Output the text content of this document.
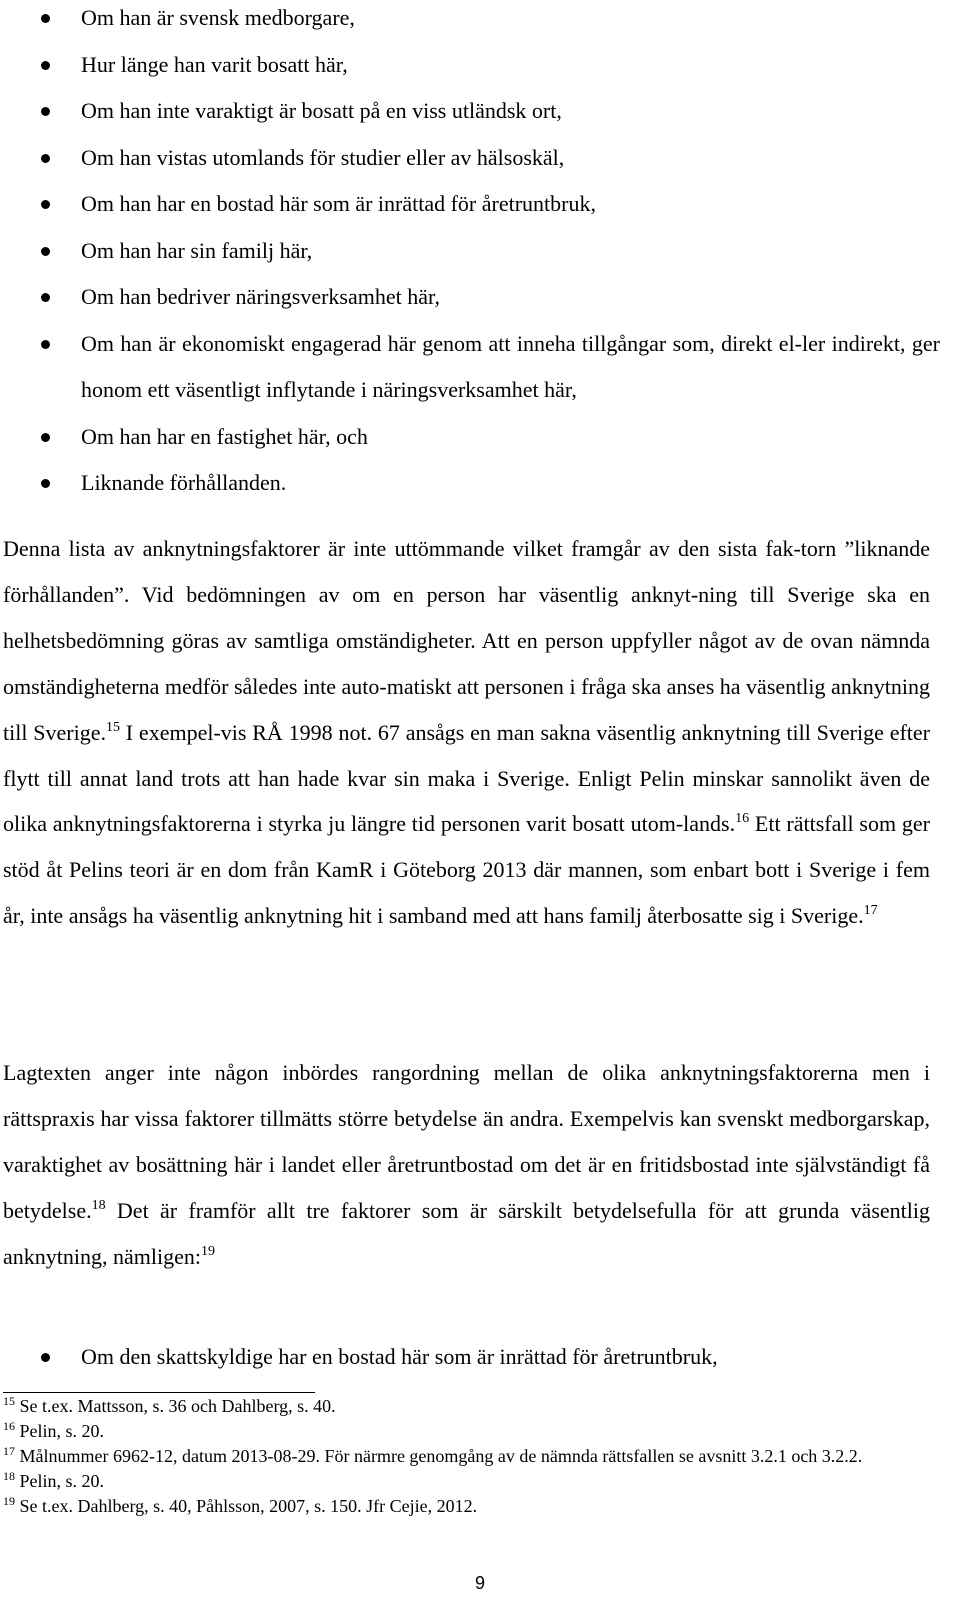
Om han är svensk medborgare,
Hur länge han varit bosatt här,
Om han inte varaktigt är bosatt på en viss utländsk ort,
Om han vistas utomlands för studier eller av hälsoskäl,
Om han har en bostad här som är inrättad för åretruntbruk,
Om han har sin familj här,
Om han bedriver näringsverksamhet här,
Om han är ekonomiskt engagerad här genom att inneha tillgångar som, direkt el-ler indirekt, ger honom ett väsentligt inflytande i näringsverksamhet här,
Om han har en fastighet här, och
Liknande förhållanden.

Denna lista av anknytningsfaktorer är inte uttömmande vilket framgår av den sista fak-torn ”liknande förhållanden”. Vid bedömningen av om en person har väsentlig anknyt-ning till Sverige ska en helhetsbedömning göras av samtliga omständigheter. Att en person uppfyller något av de ovan nämnda omständigheterna medför således inte auto-matiskt att personen i fråga ska anses ha väsentlig anknytning till Sverige.$^{15}$ I exempel-vis RÅ 1998 not. 67 ansågs en man sakna väsentlig anknytning till Sverige efter flytt till annat land trots att han hade kvar sin maka i Sverige. Enligt Pelin minskar sannolikt även de olika anknytningsfaktorerna i styrka ju längre tid personen varit bosatt utom-lands.$^{16}$ Ett rättsfall som ger stöd åt Pelins teori är en dom från KamR i Göteborg 2013 där mannen, som enbart bott i Sverige i fem år, inte ansågs ha väsentlig anknytning hit i samband med att hans familj återbosatte sig i Sverige.$^{17}$

Lagtexten anger inte någon inbördes rangordning mellan de olika anknytningsfaktorerna men i rättspraxis har vissa faktorer tillmätts större betydelse än andra. Exempelvis kan svenskt medborgarskap, varaktighet av bosättning här i landet eller åretruntbostad om det är en fritidsbostad inte självständigt få betydelse.$^{18}$ Det är framför allt tre faktorer som är särskilt betydelsefulla för att grunda väsentlig anknytning, nämligen:$^{19}$

Om den skattskyldige har en bostad här som är inrättad för åretruntbruk,

$^{15}$ Se t.ex. Mattsson, s. 36 och Dahlberg, s. 40.

$^{16}$ Pelin, s. 20.

$^{17}$ Målnummer 6962-12, datum 2013-08-29. För närmre genomgång av de nämnda rättsfallen se avsnitt 3.2.1 och 3.2.2.

$^{18}$ Pelin, s. 20.

$^{19}$ Se t.ex. Dahlberg, s. 40, Påhlsson, 2007, s. 150. Jfr Cejie, 2012.

9
